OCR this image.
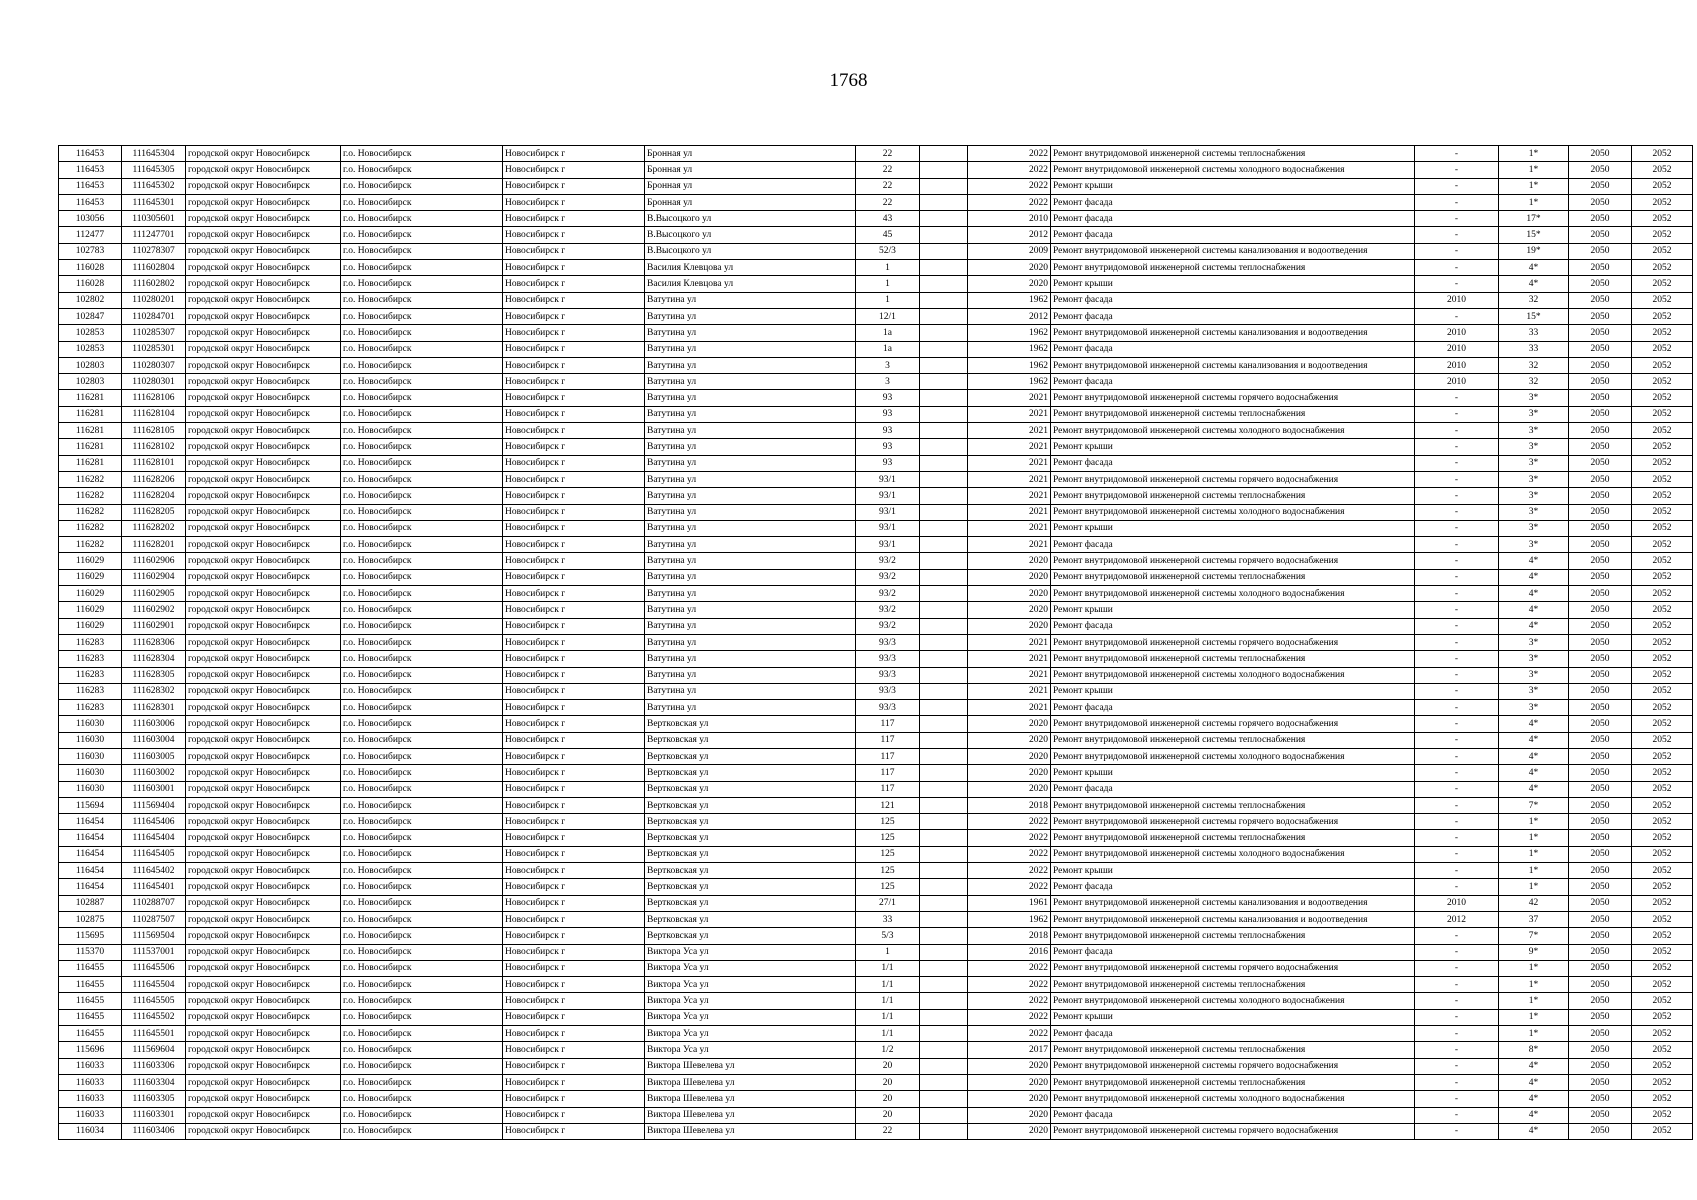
1768
116453	111645304	городской округ Новосибирск	г.о. Новосибирск	Новосибирск г	Бронная ул	22		2022	Ремонт внутридомовой инженерной системы теплоснабжения	-	1*	2050	2052
116453	111645305	городской округ Новосибирск	г.о. Новосибирск	Новосибирск г	Бронная ул	22		2022	Ремонт внутридомовой инженерной системы холодного водоснабжения	-	1*	2050	2052
116453	111645302	городской округ Новосибирск	г.о. Новосибирск	Новосибирск г	Бронная ул	22		2022	Ремонт крыши	-	1*	2050	2052
116453	111645301	городской округ Новосибирск	г.о. Новосибирск	Новосибирск г	Бронная ул	22		2022	Ремонт фасада	-	1*	2050	2052
103056	110305601	городской округ Новосибирск	г.о. Новосибирск	Новосибирск г	В.Высоцкого ул	43		2010	Ремонт фасада	-	17*	2050	2052
112477	111247701	городской округ Новосибирск	г.о. Новосибирск	Новосибирск г	В.Высоцкого ул	45		2012	Ремонт фасада	-	15*	2050	2052
102783	110278307	городской округ Новосибирск	г.о. Новосибирск	Новосибирск г	В.Высоцкого ул	52/3		2009	Ремонт внутридомовой инженерной системы канализования и водоотведения	-	19*	2050	2052
116028	111602804	городской округ Новосибирск	г.о. Новосибирск	Новосибирск г	Василия Клевцова ул	1		2020	Ремонт внутридомовой инженерной системы теплоснабжения	-	4*	2050	2052
116028	111602802	городской округ Новосибирск	г.о. Новосибирск	Новосибирск г	Василия Клевцова ул	1		2020	Ремонт крыши	-	4*	2050	2052
102802	110280201	городской округ Новосибирск	г.о. Новосибирск	Новосибирск г	Ватутина ул	1		1962	Ремонт фасада	2010	32	2050	2052
102847	110284701	городской округ Новосибирск	г.о. Новосибирск	Новосибирск г	Ватутина ул	12/1		2012	Ремонт фасада	-	15*	2050	2052
102853	110285307	городской округ Новосибирск	г.о. Новосибирск	Новосибирск г	Ватутина ул	1а		1962	Ремонт внутридомовой инженерной системы канализования и водоотведения	2010	33	2050	2052
102853	110285301	городской округ Новосибирск	г.о. Новосибирск	Новосибирск г	Ватутина ул	1а		1962	Ремонт фасада	2010	33	2050	2052
102803	110280307	городской округ Новосибирск	г.о. Новосибирск	Новосибирск г	Ватутина ул	3		1962	Ремонт внутридомовой инженерной системы канализования и водоотведения	2010	32	2050	2052
102803	110280301	городской округ Новосибирск	г.о. Новосибирск	Новосибирск г	Ватутина ул	3		1962	Ремонт фасада	2010	32	2050	2052
116281	111628106	городской округ Новосибирск	г.о. Новосибирск	Новосибирск г	Ватутина ул	93		2021	Ремонт внутридомовой инженерной системы горячего водоснабжения	-	3*	2050	2052
116281	111628104	городской округ Новосибирск	г.о. Новосибирск	Новосибирск г	Ватутина ул	93		2021	Ремонт внутридомовой инженерной системы теплоснабжения	-	3*	2050	2052
116281	111628105	городской округ Новосибирск	г.о. Новосибирск	Новосибирск г	Ватутина ул	93		2021	Ремонт внутридомовой инженерной системы холодного водоснабжения	-	3*	2050	2052
116281	111628102	городской округ Новосибирск	г.о. Новосибирск	Новосибирск г	Ватутина ул	93		2021	Ремонт крыши	-	3*	2050	2052
116281	111628101	городской округ Новосибирск	г.о. Новосибирск	Новосибирск г	Ватутина ул	93		2021	Ремонт фасада	-	3*	2050	2052
116282	111628206	городской округ Новосибирск	г.о. Новосибирск	Новосибирск г	Ватутина ул	93/1		2021	Ремонт внутридомовой инженерной системы горячего водоснабжения	-	3*	2050	2052
116282	111628204	городской округ Новосибирск	г.о. Новосибирск	Новосибирск г	Ватутина ул	93/1		2021	Ремонт внутридомовой инженерной системы теплоснабжения	-	3*	2050	2052
116282	111628205	городской округ Новосибирск	г.о. Новосибирск	Новосибирск г	Ватутина ул	93/1		2021	Ремонт внутридомовой инженерной системы холодного водоснабжения	-	3*	2050	2052
116282	111628202	городской округ Новосибирск	г.о. Новосибирск	Новосибирск г	Ватутина ул	93/1		2021	Ремонт крыши	-	3*	2050	2052
116282	111628201	городской округ Новосибирск	г.о. Новосибирск	Новосибирск г	Ватутина ул	93/1		2021	Ремонт фасада	-	3*	2050	2052
116029	111602906	городской округ Новосибирск	г.о. Новосибирск	Новосибирск г	Ватутина ул	93/2		2020	Ремонт внутридомовой инженерной системы горячего водоснабжения	-	4*	2050	2052
116029	111602904	городской округ Новосибирск	г.о. Новосибирск	Новосибирск г	Ватутина ул	93/2		2020	Ремонт внутридомовой инженерной системы теплоснабжения	-	4*	2050	2052
116029	111602905	городской округ Новосибирск	г.о. Новосибирск	Новосибирск г	Ватутина ул	93/2		2020	Ремонт внутридомовой инженерной системы холодного водоснабжения	-	4*	2050	2052
116029	111602902	городской округ Новосибирск	г.о. Новосибирск	Новосибирск г	Ватутина ул	93/2		2020	Ремонт крыши	-	4*	2050	2052
116029	111602901	городской округ Новосибирск	г.о. Новосибирск	Новосибирск г	Ватутина ул	93/2		2020	Ремонт фасада	-	4*	2050	2052
116283	111628306	городской округ Новосибирск	г.о. Новосибирск	Новосибирск г	Ватутина ул	93/3		2021	Ремонт внутридомовой инженерной системы горячего водоснабжения	-	3*	2050	2052
116283	111628304	городской округ Новосибирск	г.о. Новосибирск	Новосибирск г	Ватутина ул	93/3		2021	Ремонт внутридомовой инженерной системы теплоснабжения	-	3*	2050	2052
116283	111628305	городской округ Новосибирск	г.о. Новосибирск	Новосибирск г	Ватутина ул	93/3		2021	Ремонт внутридомовой инженерной системы холодного водоснабжения	-	3*	2050	2052
116283	111628302	городской округ Новосибирск	г.о. Новосибирск	Новосибирск г	Ватутина ул	93/3		2021	Ремонт крыши	-	3*	2050	2052
116283	111628301	городской округ Новосибирск	г.о. Новосибирск	Новосибирск г	Ватутина ул	93/3		2021	Ремонт фасада	-	3*	2050	2052
116030	111603006	городской округ Новосибирск	г.о. Новосибирск	Новосибирск г	Вертковская ул	117		2020	Ремонт внутридомовой инженерной системы горячего водоснабжения	-	4*	2050	2052
116030	111603004	городской округ Новосибирск	г.о. Новосибирск	Новосибирск г	Вертковская ул	117		2020	Ремонт внутридомовой инженерной системы теплоснабжения	-	4*	2050	2052
116030	111603005	городской округ Новосибирск	г.о. Новосибирск	Новосибирск г	Вертковская ул	117		2020	Ремонт внутридомовой инженерной системы холодного водоснабжения	-	4*	2050	2052
116030	111603002	городской округ Новосибирск	г.о. Новосибирск	Новосибирск г	Вертковская ул	117		2020	Ремонт крыши	-	4*	2050	2052
116030	111603001	городской округ Новосибирск	г.о. Новосибирск	Новосибирск г	Вертковская ул	117		2020	Ремонт фасада	-	4*	2050	2052
115694	111569404	городской округ Новосибирск	г.о. Новосибирск	Новосибирск г	Вертковская ул	121		2018	Ремонт внутридомовой инженерной системы теплоснабжения	-	7*	2050	2052
116454	111645406	городской округ Новосибирск	г.о. Новосибирск	Новосибирск г	Вертковская ул	125		2022	Ремонт внутридомовой инженерной системы горячего водоснабжения	-	1*	2050	2052
116454	111645404	городской округ Новосибирск	г.о. Новосибирск	Новосибирск г	Вертковская ул	125		2022	Ремонт внутридомовой инженерной системы теплоснабжения	-	1*	2050	2052
116454	111645405	городской округ Новосибирск	г.о. Новосибирск	Новосибирск г	Вертковская ул	125		2022	Ремонт внутридомовой инженерной системы холодного водоснабжения	-	1*	2050	2052
116454	111645402	городской округ Новосибирск	г.о. Новосибирск	Новосибирск г	Вертковская ул	125		2022	Ремонт крыши	-	1*	2050	2052
116454	111645401	городской округ Новосибирск	г.о. Новосибирск	Новосибирск г	Вертковская ул	125		2022	Ремонт фасада	-	1*	2050	2052
102887	110288707	городской округ Новосибирск	г.о. Новосибирск	Новосибирск г	Вертковская ул	27/1		1961	Ремонт внутридомовой инженерной системы канализования и водоотведения	2010	42	2050	2052
102875	110287507	городской округ Новосибирск	г.о. Новосибирск	Новосибирск г	Вертковская ул	33		1962	Ремонт внутридомовой инженерной системы канализования и водоотведения	2012	37	2050	2052
115695	111569504	городской округ Новосибирск	г.о. Новосибирск	Новосибирск г	Вертковская ул	5/3		2018	Ремонт внутридомовой инженерной системы теплоснабжения	-	7*	2050	2052
115370	111537001	городской округ Новосибирск	г.о. Новосибирск	Новосибирск г	Виктора Уса ул	1		2016	Ремонт фасада	-	9*	2050	2052
116455	111645506	городской округ Новосибирск	г.о. Новосибирск	Новосибирск г	Виктора Уса ул	1/1		2022	Ремонт внутридомовой инженерной системы горячего водоснабжения	-	1*	2050	2052
116455	111645504	городской округ Новосибирск	г.о. Новосибирск	Новосибирск г	Виктора Уса ул	1/1		2022	Ремонт внутридомовой инженерной системы теплоснабжения	-	1*	2050	2052
116455	111645505	городской округ Новосибирск	г.о. Новосибирск	Новосибирск г	Виктора Уса ул	1/1		2022	Ремонт внутридомовой инженерной системы холодного водоснабжения	-	1*	2050	2052
116455	111645502	городской округ Новосибирск	г.о. Новосибирск	Новосибирск г	Виктора Уса ул	1/1		2022	Ремонт крыши	-	1*	2050	2052
116455	111645501	городской округ Новосибирск	г.о. Новосибирск	Новосибирск г	Виктора Уса ул	1/1		2022	Ремонт фасада	-	1*	2050	2052
115696	111569604	городской округ Новосибирск	г.о. Новосибирск	Новосибирск г	Виктора Уса ул	1/2		2017	Ремонт внутридомовой инженерной системы теплоснабжения	-	8*	2050	2052
116033	111603306	городской округ Новосибирск	г.о. Новосибирск	Новосибирск г	Виктора Шевелева ул	20		2020	Ремонт внутридомовой инженерной системы горячего водоснабжения	-	4*	2050	2052
116033	111603304	городской округ Новосибирск	г.о. Новосибирск	Новосибирск г	Виктора Шевелева ул	20		2020	Ремонт внутридомовой инженерной системы теплоснабжения	-	4*	2050	2052
116033	111603305	городской округ Новосибирск	г.о. Новосибирск	Новосибирск г	Виктора Шевелева ул	20		2020	Ремонт внутридомовой инженерной системы холодного водоснабжения	-	4*	2050	2052
116033	111603301	городской округ Новосибирск	г.о. Новосибирск	Новосибирск г	Виктора Шевелева ул	20		2020	Ремонт фасада	-	4*	2050	2052
116034	111603406	городской округ Новосибирск	г.о. Новосибирск	Новосибирск г	Виктора Шевелева ул	22		2020	Ремонт внутридомовой инженерной системы горячего водоснабжения	-	4*	2050	2052
